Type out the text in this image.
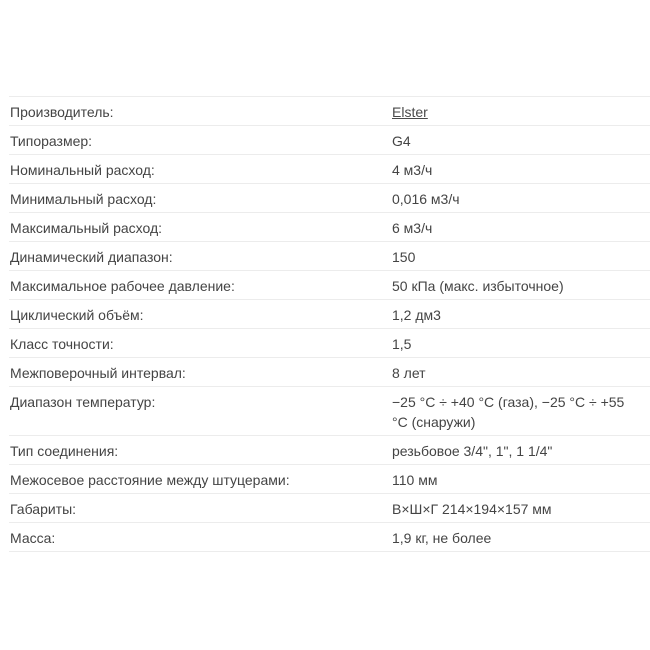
Производитель:	Elster
Типоразмер:	G4
Номинальный расход:	4 м3/ч
Минимальный расход:	0,016 м3/ч
Максимальный расход:	6 м3/ч
Динамический диапазон:	150
Максимальное рабочее давление:	50 кПа (макс. избыточное)
Циклический объём:	1,2 дм3
Класс точности:	1,5
Межповерочный интервал:	8 лет
Диапазон температур:	−25 °C ÷ +40 °C (газа), −25 °C ÷ +55 °C (снаружи)
Тип соединения:	резьбовое 3/4", 1", 1 1/4"
Межосевое расстояние между штуцерами:	110 мм
Габариты:	В×Ш×Г 214×194×157 мм
Масса:	1,9 кг, не более
